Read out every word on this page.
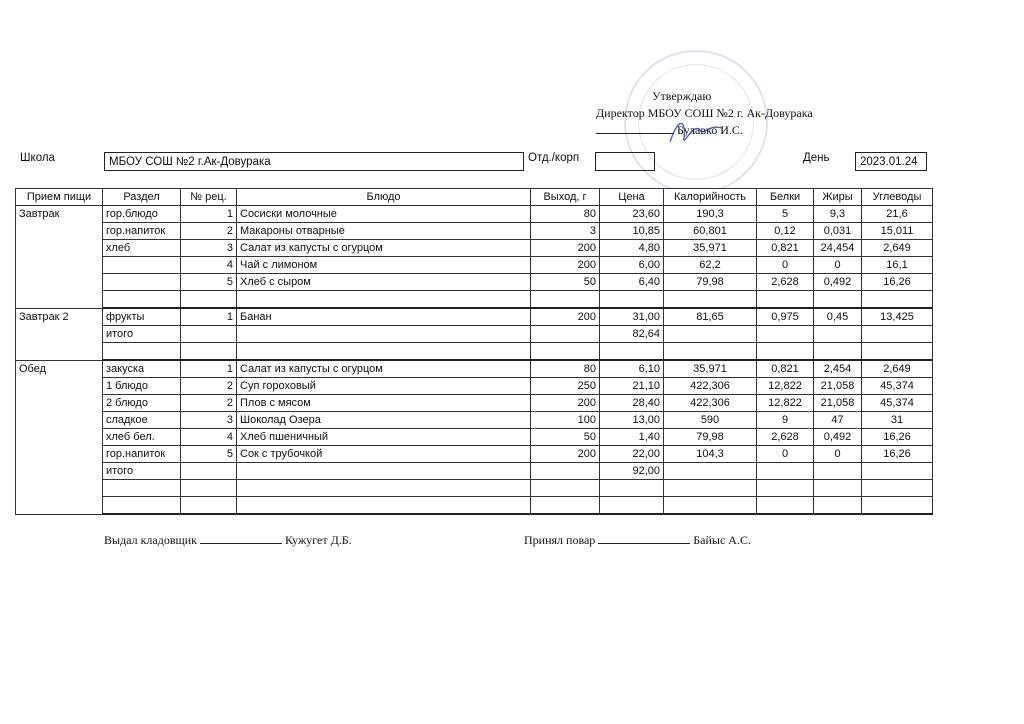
Утверждаю
Директор МБОУ СОШ №2 г. Ак-Довурака
Булавко И.С.
Школа	МБОУ СОШ №2 г.Ак-Довурака	Отд./корп	День	2023.01.24
Прием пищи	Раздел	№ рец.	Блюдо	Выход, г	Цена	Калорийность	Белки	Жиры	Углеводы
Завтрак	гор.блюдо	1	Сосиски молочные	80	23,60	190,3	5	9,3	21,6
	гор.напиток	2	Макароны отварные	3	10,85	60,801	0,12	0,031	15,011
	хлеб	3	Салат из капусты с огурцом	200	4,80	35,971	0,821	24,454	2,649
		4	Чай с лимоном	200	6,00	62,2	0	0	16,1
		5	Хлеб с сыром	50	6,40	79,98	2,628	0,492	16,26

Завтрак 2	фрукты	1	Банан	200	31,00	81,65	0,975	0,45	13,425
	итого				82,64				

Обед	закуска	1	Салат из капусты с огурцом	80	6,10	35,971	0,821	2,454	2,649
	1 блюдо	2	Суп гороховый	250	21,10	422,306	12,822	21,058	45,374
	2 блюдо	2	Плов с мясом	200	28,40	422,306	12,822	21,058	45,374
	сладкое	3	Шоколад Озера	100	13,00	590	9	47	31
	хлеб бел.	4	Хлеб пшеничный	50	1,40	79,98	2,628	0,492	16,26
	гор.напиток	5	Сок с трубочкой	200	22,00	104,3	0	0	16,26
	итого				92,00				

Выдал кладовщик	Кужугет Д.Б.	Принял повар	Байыс А.С.
